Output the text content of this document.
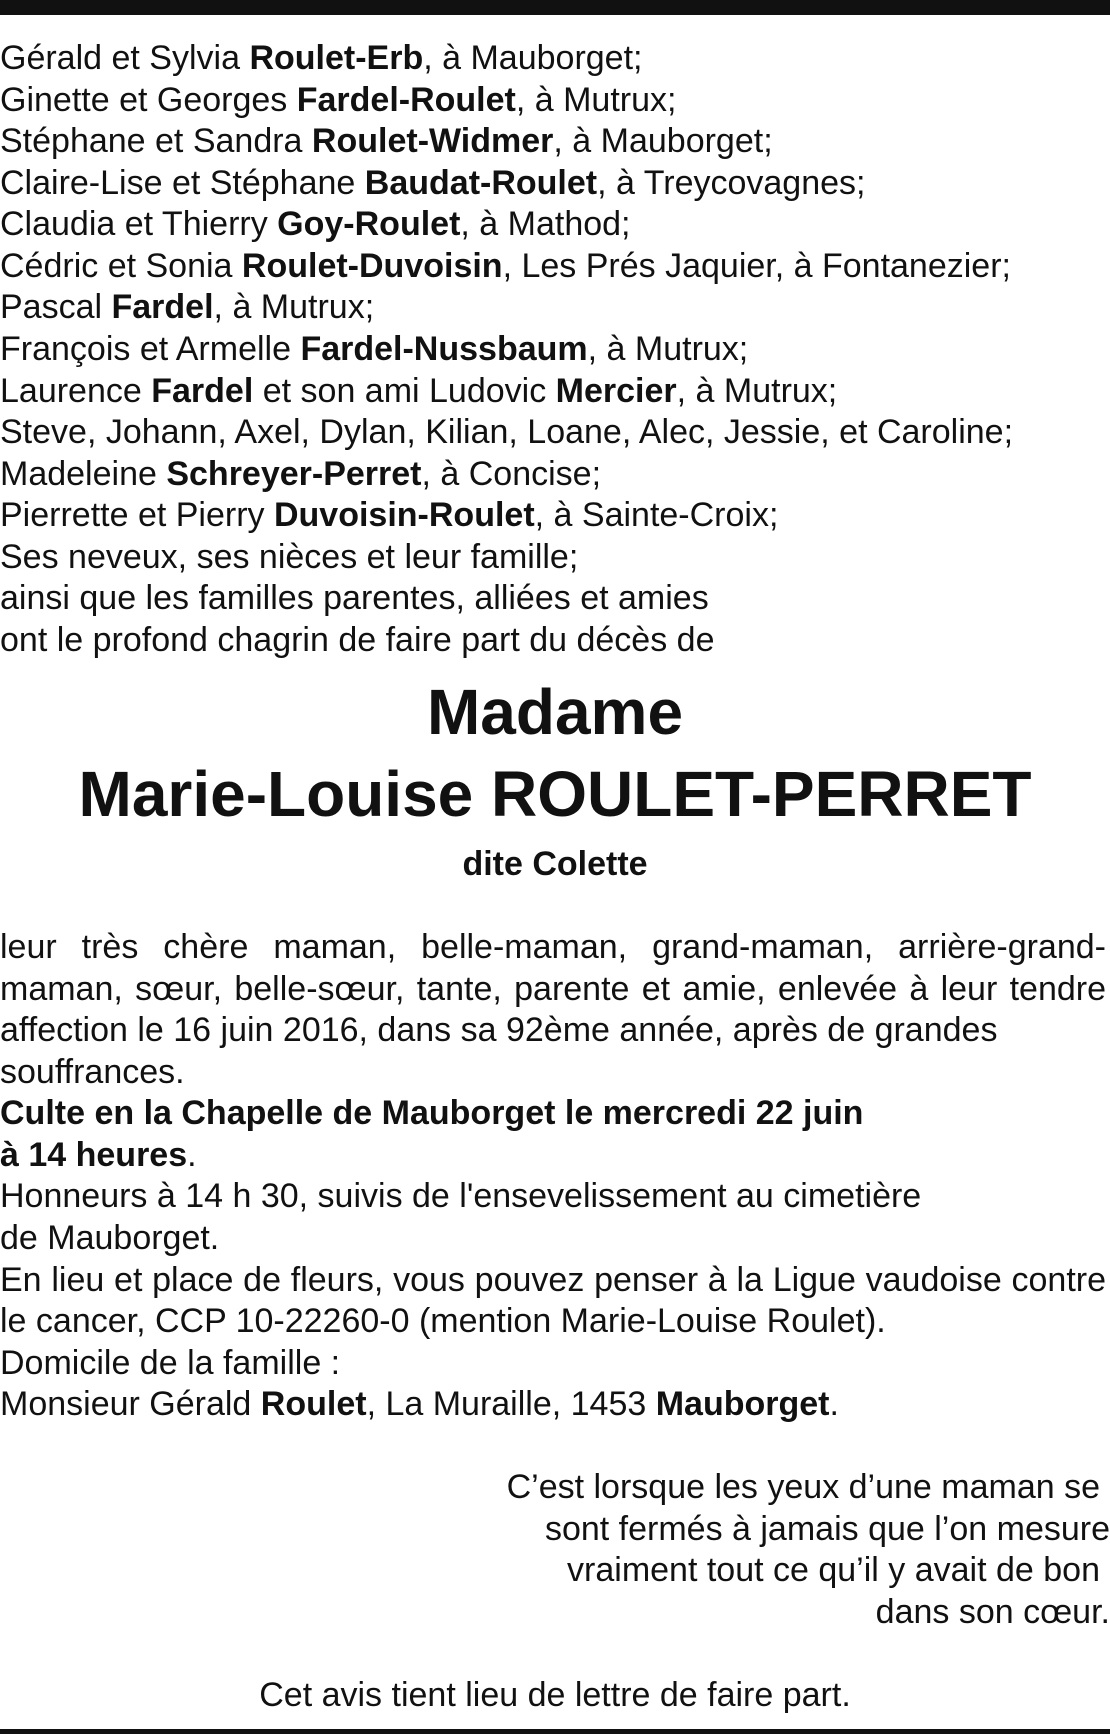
Gérald et Sylvia Roulet-Erb, à Mauborget;
Ginette et Georges Fardel-Roulet, à Mutrux;
Stéphane et Sandra Roulet-Widmer, à Mauborget;
Claire-Lise et Stéphane Baudat-Roulet, à Treycovagnes;
Claudia et Thierry Goy-Roulet, à Mathod;
Cédric et Sonia Roulet-Duvoisin, Les Prés Jaquier, à Fontanezier;
Pascal Fardel, à Mutrux;
François et Armelle Fardel-Nussbaum, à Mutrux;
Laurence Fardel et son ami Ludovic Mercier, à Mutrux;
Steve, Johann, Axel, Dylan, Kilian, Loane, Alec, Jessie, et Caroline;
Madeleine Schreyer-Perret, à Concise;
Pierrette et Pierry Duvoisin-Roulet, à Sainte-Croix;
Ses neveux, ses nièces et leur famille;
ainsi que les familles parentes, alliées et amies
ont le profond chagrin de faire part du décès de
Madame
Marie-Louise ROULET-PERRET
dite Colette
leur très chère maman, belle-maman, grand-maman, arrière-grand-
maman, sœur, belle-sœur, tante, parente et amie, enlevée à leur tendre
affection le 16 juin 2016, dans sa 92ème année, après de grandes
souffrances.
Culte en la Chapelle de Mauborget le mercredi 22 juin
à 14 heures.
Honneurs à 14 h 30, suivis de l'ensevelissement au cimetière
de Mauborget.
En lieu et place de fleurs, vous pouvez penser à la Ligue vaudoise contre
le cancer, CCP 10-22260-0 (mention Marie-Louise Roulet).
Domicile de la famille :
Monsieur Gérald Roulet, La Muraille, 1453 Mauborget.
C’est lorsque les yeux d’une maman se
sont fermés à jamais que l’on mesure
vraiment tout ce qu’il y avait de bon
dans son cœur.
Cet avis tient lieu de lettre de faire part.
